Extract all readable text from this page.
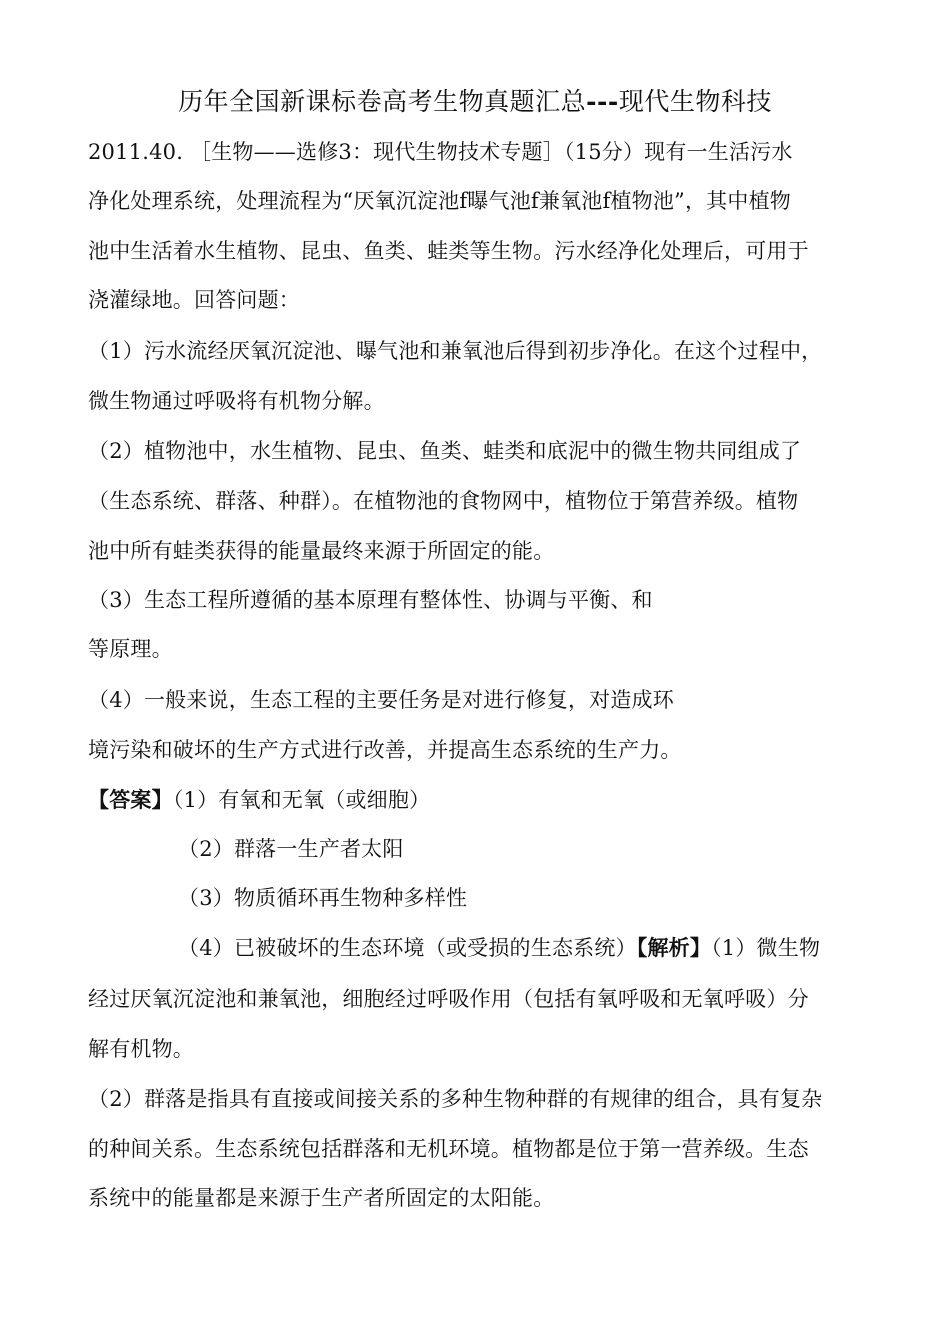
历年全国新课标卷高考生物真题汇总---现代生物科技
2011.40. ［生物——选修3：现代生物技术专题］（15分）现有一生活污水
净化处理系统，处理流程为“厌氧沉淀池f曝气池f兼氧池f植物池”，其中植物
池中生活着水生植物、昆虫、鱼类、蛙类等生物。污水经净化处理后，可用于
浇灌绿地。回答问题：
（1）污水流经厌氧沉淀池、曝气池和兼氧池后得到初步净化。在这个过程中，
微生物通过呼吸将有机物分解。
（2）植物池中，水生植物、昆虫、鱼类、蛙类和底泥中的微生物共同组成了
（生态系统、群落、种群）。在植物池的食物网中，植物位于第营养级。植物
池中所有蛙类获得的能量最终来源于所固定的能。
（3）生态工程所遵循的基本原理有整体性、协调与平衡、和
等原理。
（4）一般来说，生态工程的主要任务是对进行修复，对造成环
境污染和破坏的生产方式进行改善，并提高生态系统的生产力。
【答案】（1）有氧和无氧（或细胞）
（2）群落一生产者太阳
（3）物质循环再生物种多样性
（4）已被破坏的生态环境（或受损的生态系统）【解析】（1）微生物
经过厌氧沉淀池和兼氧池，细胞经过呼吸作用（包括有氧呼吸和无氧呼吸）分
解有机物。
（2）群落是指具有直接或间接关系的多种生物种群的有规律的组合，具有复杂
的种间关系。生态系统包括群落和无机环境。植物都是位于第一营养级。生态
系统中的能量都是来源于生产者所固定的太阳能。
